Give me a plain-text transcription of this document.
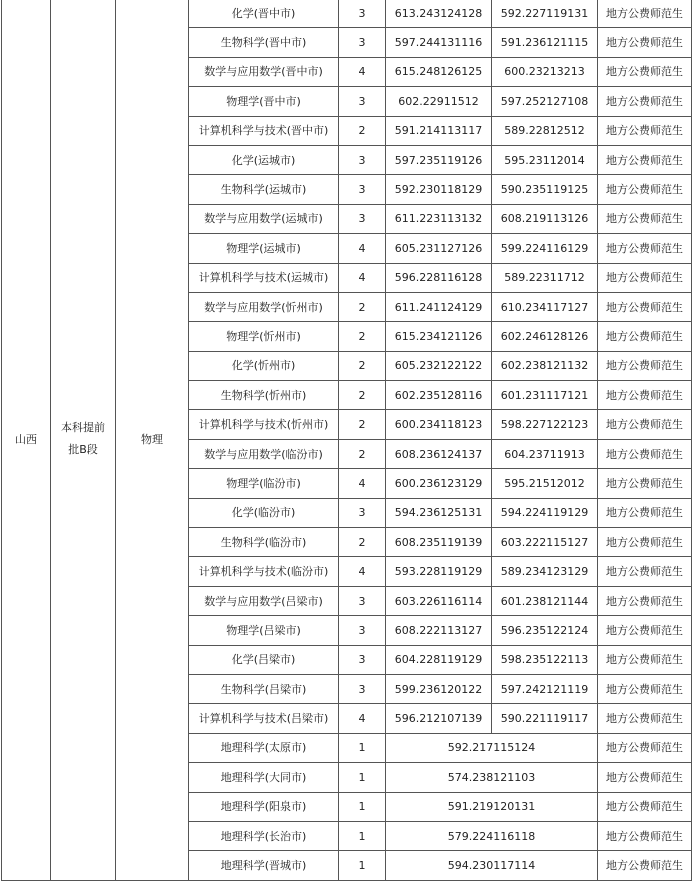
山西	本科提前批B段	物理	化学(晋中市)	3	613.243124128	592.227119131	地方公费师范生
			生物科学(晋中市)	3	597.244131116	591.236121115	地方公费师范生
			数学与应用数学(晋中市)	4	615.248126125	600.23213213	地方公费师范生
			物理学(晋中市)	3	602.22911512	597.252127108	地方公费师范生
			计算机科学与技术(晋中市)	2	591.214113117	589.22812512	地方公费师范生
			化学(运城市)	3	597.235119126	595.23112014	地方公费师范生
			生物科学(运城市)	3	592.230118129	590.235119125	地方公费师范生
			数学与应用数学(运城市)	3	611.223113132	608.219113126	地方公费师范生
			物理学(运城市)	4	605.231127126	599.224116129	地方公费师范生
			计算机科学与技术(运城市)	4	596.228116128	589.22311712	地方公费师范生
			数学与应用数学(忻州市)	2	611.241124129	610.234117127	地方公费师范生
			物理学(忻州市)	2	615.234121126	602.246128126	地方公费师范生
			化学(忻州市)	2	605.232122122	602.238121132	地方公费师范生
			生物科学(忻州市)	2	602.235128116	601.231117121	地方公费师范生
			计算机科学与技术(忻州市)	2	600.234118123	598.227122123	地方公费师范生
			数学与应用数学(临汾市)	2	608.236124137	604.23711913	地方公费师范生
			物理学(临汾市)	4	600.236123129	595.21512012	地方公费师范生
			化学(临汾市)	3	594.236125131	594.224119129	地方公费师范生
			生物科学(临汾市)	2	608.235119139	603.222115127	地方公费师范生
			计算机科学与技术(临汾市)	4	593.228119129	589.234123129	地方公费师范生
			数学与应用数学(吕梁市)	3	603.226116114	601.238121144	地方公费师范生
			物理学(吕梁市)	3	608.222113127	596.235122124	地方公费师范生
			化学(吕梁市)	3	604.228119129	598.235122113	地方公费师范生
			生物科学(吕梁市)	3	599.236120122	597.242121119	地方公费师范生
			计算机科学与技术(吕梁市)	4	596.212107139	590.221119117	地方公费师范生
			地理科学(太原市)	1	592.217115124		地方公费师范生
			地理科学(大同市)	1	574.238121103		地方公费师范生
			地理科学(阳泉市)	1	591.219120131		地方公费师范生
			地理科学(长治市)	1	579.224116118		地方公费师范生
			地理科学(晋城市)	1	594.230117114		地方公费师范生
